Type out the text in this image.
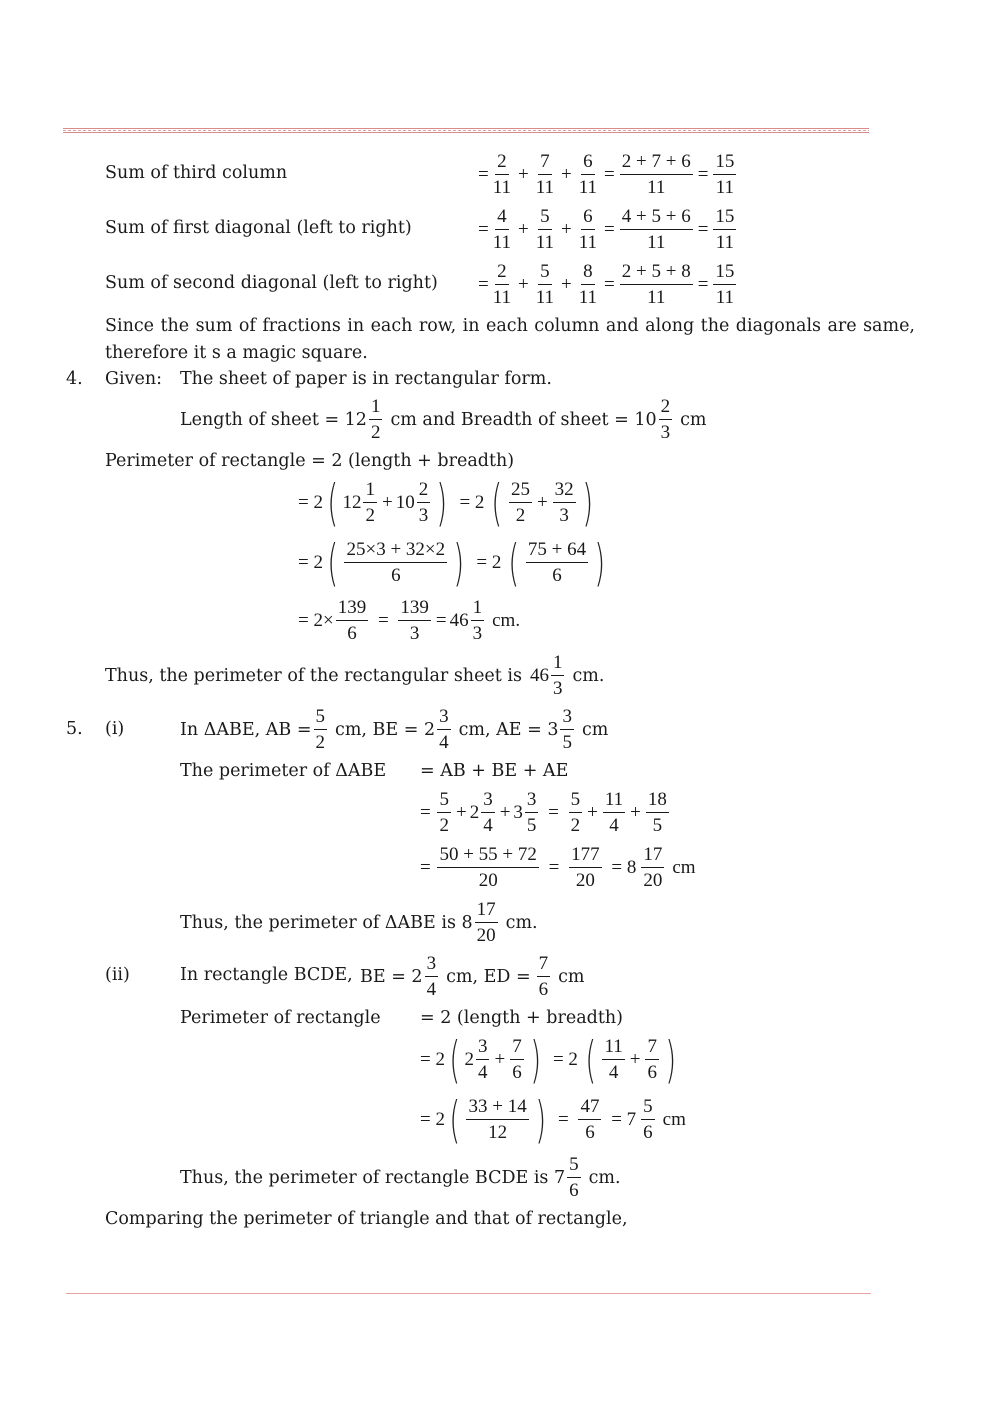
Sum of third column	= $\frac{2}{11} + \frac{7}{11} + \frac{6}{11} = \frac{2 + 7 + 6}{11} = \frac{15}{11}$
Sum of first diagonal (left to right)	= $\frac{4}{11} + \frac{5}{11} + \frac{6}{11} = \frac{4 + 5 + 6}{11} = \frac{15}{11}$
Sum of second diagonal (left to right) = $\frac{2}{11} + \frac{5}{11} + \frac{8}{11} = \frac{2 + 5 + 8}{11} = \frac{15}{11}$
Since the sum of fractions in each row, in each column and along the diagonals are same, therefore it s a magic square.
4. Given: The sheet of paper is in rectangular form.
Length of sheet = $12 \frac{1}{2}$ cm and Breadth of sheet = $10 \frac{2}{3}$ cm
Perimeter of rectangle = 2 (length + breadth)
= 2 ( $12 \frac{1}{2} + 10 \frac{2}{3}$ ) = 2 ( $\frac{25}{2} + \frac{32}{3}$ )
= 2 ( $\frac{25\times 3 + 32\times 2}{6}$ ) = 2 ( $\frac{75 + 64}{6}$ )
= $2\times \frac{139}{6} = \frac{139}{3} = 46 \frac{1}{3}$ cm.
Thus, the perimeter of the rectangular sheet is $46 \frac{1}{3}$ cm.
5. (i)	In ΔABE, AB = $\frac{5}{2}$ cm, BE = $2 \frac{3}{4}$ cm, AE = $3 \frac{3}{5}$ cm
The perimeter of ΔABE = AB + BE + AE
= $\frac{5}{2} + 2 \frac{3}{4} + 3 \frac{3}{5} = \frac{5}{2} + \frac{11}{4} + \frac{18}{5}$
= $\frac{50 + 55 + 72}{20} = \frac{177}{20} = 8 \frac{17}{20}$ cm
Thus, the perimeter of ΔABE is $8 \frac{17}{20}$ cm.
(ii)	In rectangle BCDE, BE = $2 \frac{3}{4}$ cm, ED = $\frac{7}{6}$ cm
Perimeter of rectangle = 2 (length + breadth)
= 2 ( $2 \frac{3}{4} + \frac{7}{6}$ ) = 2 ( $\frac{11}{4} + \frac{7}{6}$ )
= 2 ( $\frac{33 + 14}{12}$ ) = $\frac{47}{6} = 7 \frac{5}{6}$ cm
Thus, the perimeter of rectangle BCDE is $7 \frac{5}{6}$ cm.
Comparing the perimeter of triangle and that of rectangle,
